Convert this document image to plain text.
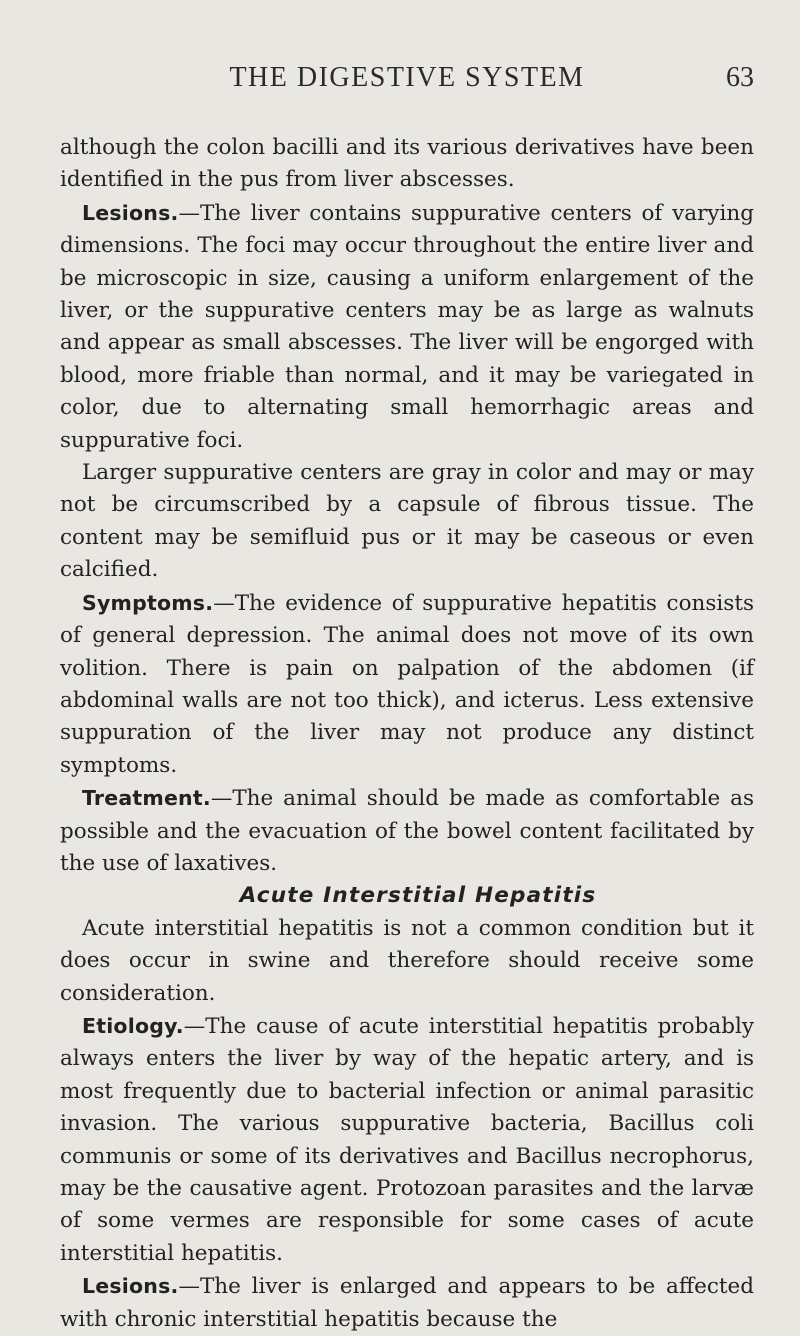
THE DIGESTIVE SYSTEM	63

although the colon bacilli and its various derivatives have been identified in the pus from liver abscesses.

Lesions.—The liver contains suppurative centers of varying dimensions. The foci may occur throughout the entire liver and be microscopic in size, causing a uniform enlargement of the liver, or the suppurative centers may be as large as walnuts and appear as small abscesses. The liver will be engorged with blood, more friable than normal, and it may be variegated in color, due to alternating small hemorrhagic areas and suppurative foci.

Larger suppurative centers are gray in color and may or may not be circumscribed by a capsule of fibrous tissue. The content may be semifluid pus or it may be caseous or even calcified.

Symptoms.—The evidence of suppurative hepatitis consists of general depression. The animal does not move of its own volition. There is pain on palpation of the abdomen (if abdominal walls are not too thick), and icterus. Less extensive suppuration of the liver may not produce any distinct symptoms.

Treatment.—The animal should be made as comfortable as possible and the evacuation of the bowel content facilitated by the use of laxatives.

Acute Interstitial Hepatitis

Acute interstitial hepatitis is not a common condition but it does occur in swine and therefore should receive some consideration.

Etiology.—The cause of acute interstitial hepatitis probably always enters the liver by way of the hepatic artery, and is most frequently due to bacterial infection or animal parasitic invasion. The various suppurative bacteria, Bacillus coli communis or some of its derivatives and Bacillus necrophorus, may be the causative agent. Protozoan parasites and the larvæ of some vermes are responsible for some cases of acute interstitial hepatitis.

Lesions.—The liver is enlarged and appears to be affected with chronic interstitial hepatitis because the
